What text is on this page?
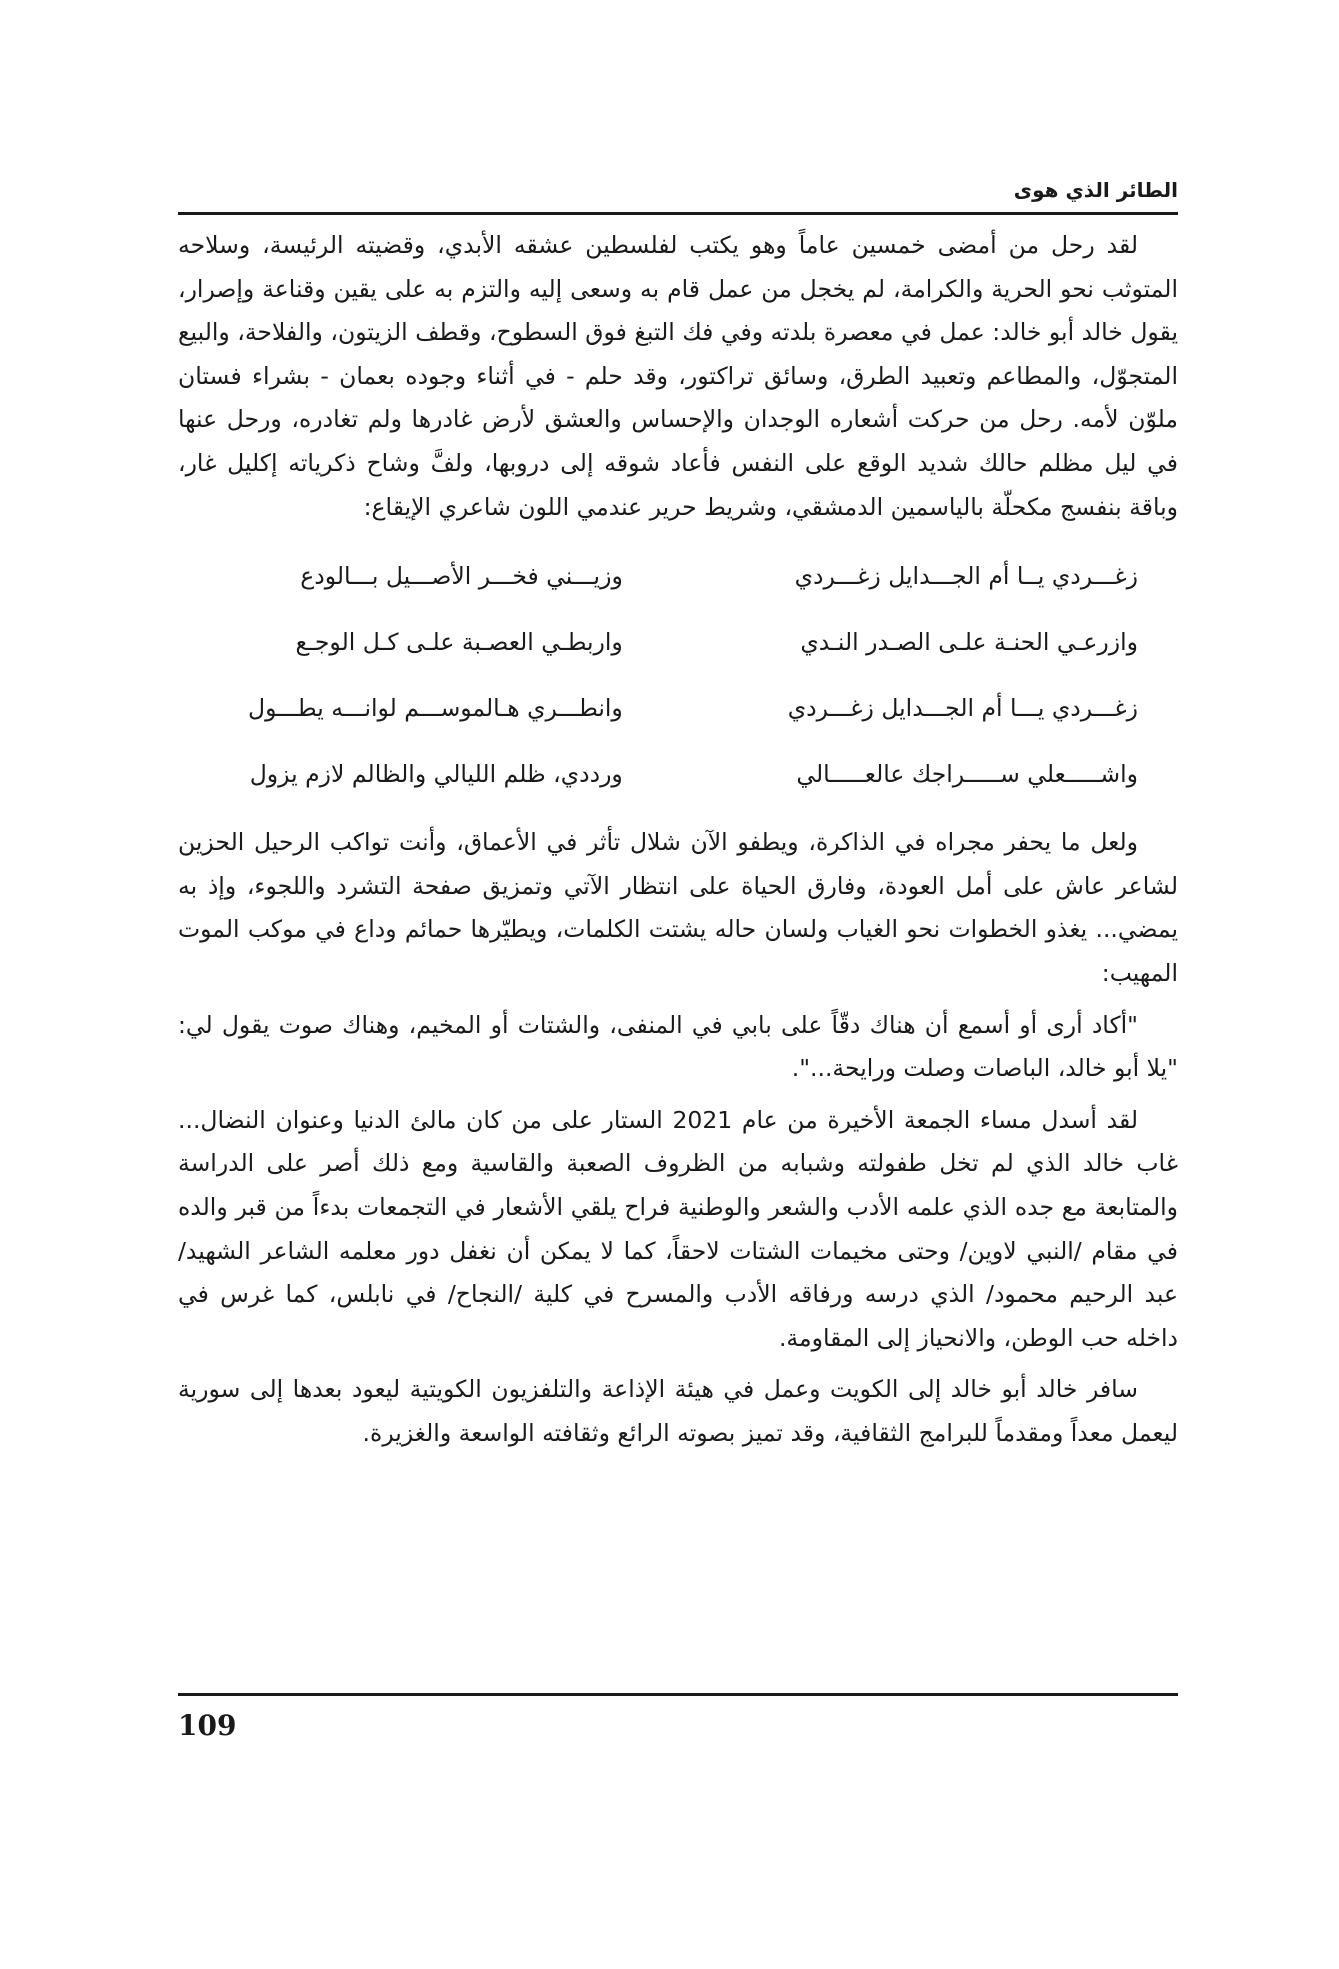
الطائر الذي هوى

لقد رحل من أمضى خمسين عاماً وهو يكتب لفلسطين عشقه الأبدي، وقضيته الرئيسة، وسلاحه المتوثب نحو الحرية والكرامة، لم يخجل من عمل قام به وسعى إليه والتزم به على يقين وقناعة وإصرار، يقول خالد أبو خالد: عمل في معصرة بلدته وفي فك التبغ فوق السطوح، وقطف الزيتون، والفلاحة، والبيع المتجوّل، والمطاعم وتعبيد الطرق، وسائق تراكتور، وقد حلم - في أثناء وجوده بعمان - بشراء فستان ملوّن لأمه. رحل من حركت أشعاره الوجدان والإحساس والعشق لأرض غادرها ولم تغادره، ورحل عنها في ليل مظلم حالك شديد الوقع على النفس فأعاد شوقه إلى دروبها، ولفَّ وشاح ذكرياته إكليل غار، وباقة بنفسج مكحلّة بالياسمين الدمشقي، وشريط حرير عندمي اللون شاعري الإيقاع:

زغـــردي يــا أم الجـــدايل زغـــردي
وزيـــني فخـــر الأصـــيل بـــالودع
وازرعـي الحنـة علـى الصـدر النـدي
واربطـي العصـبة علـى كـل الوجـع
زغـــردي يـــا أم الجـــدايل زغـــردي
وانطـــري هـالموســـم لوانـــه يطـــول
واشـــــعلي ســـــراجك عالعـــــالي
ورددي، ظلم الليالي والظالم لازم يزول

ولعل ما يحفر مجراه في الذاكرة، ويطفو الآن شلال تأثر في الأعماق، وأنت تواكب الرحيل الحزين لشاعر عاش على أمل العودة، وفارق الحياة على انتظار الآتي وتمزيق صفحة التشرد واللجوء، وإذ به يمضي... يغذو الخطوات نحو الغياب ولسان حاله يشتت الكلمات، ويطيّرها حمائم وداع في موكب الموت المهيب:

"أكاد أرى أو أسمع أن هناك دقّاً على بابي في المنفى، والشتات أو المخيم، وهناك صوت يقول لي: "يلا أبو خالد، الباصات وصلت ورايحة...".

لقد أسدل مساء الجمعة الأخيرة من عام 2021 الستار على من كان مالئ الدنيا وعنوان النضال... غاب خالد الذي لم تخل طفولته وشبابه من الظروف الصعبة والقاسية ومع ذلك أصر على الدراسة والمتابعة مع جده الذي علمه الأدب والشعر والوطنية فراح يلقي الأشعار في التجمعات بدءاً من قبر والده في مقام /النبي لاوين/ وحتى مخيمات الشتات لاحقاً، كما لا يمكن أن نغفل دور معلمه الشاعر الشهيد/ عبد الرحيم محمود/ الذي درسه ورفاقه الأدب والمسرح في كلية /النجاح/ في نابلس، كما غرس في داخله حب الوطن، والانحياز إلى المقاومة.

سافر خالد أبو خالد إلى الكويت وعمل في هيئة الإذاعة والتلفزيون الكويتية ليعود بعدها إلى سورية ليعمل معداً ومقدماً للبرامج الثقافية، وقد تميز بصوته الرائع وثقافته الواسعة والغزيرة.

109
